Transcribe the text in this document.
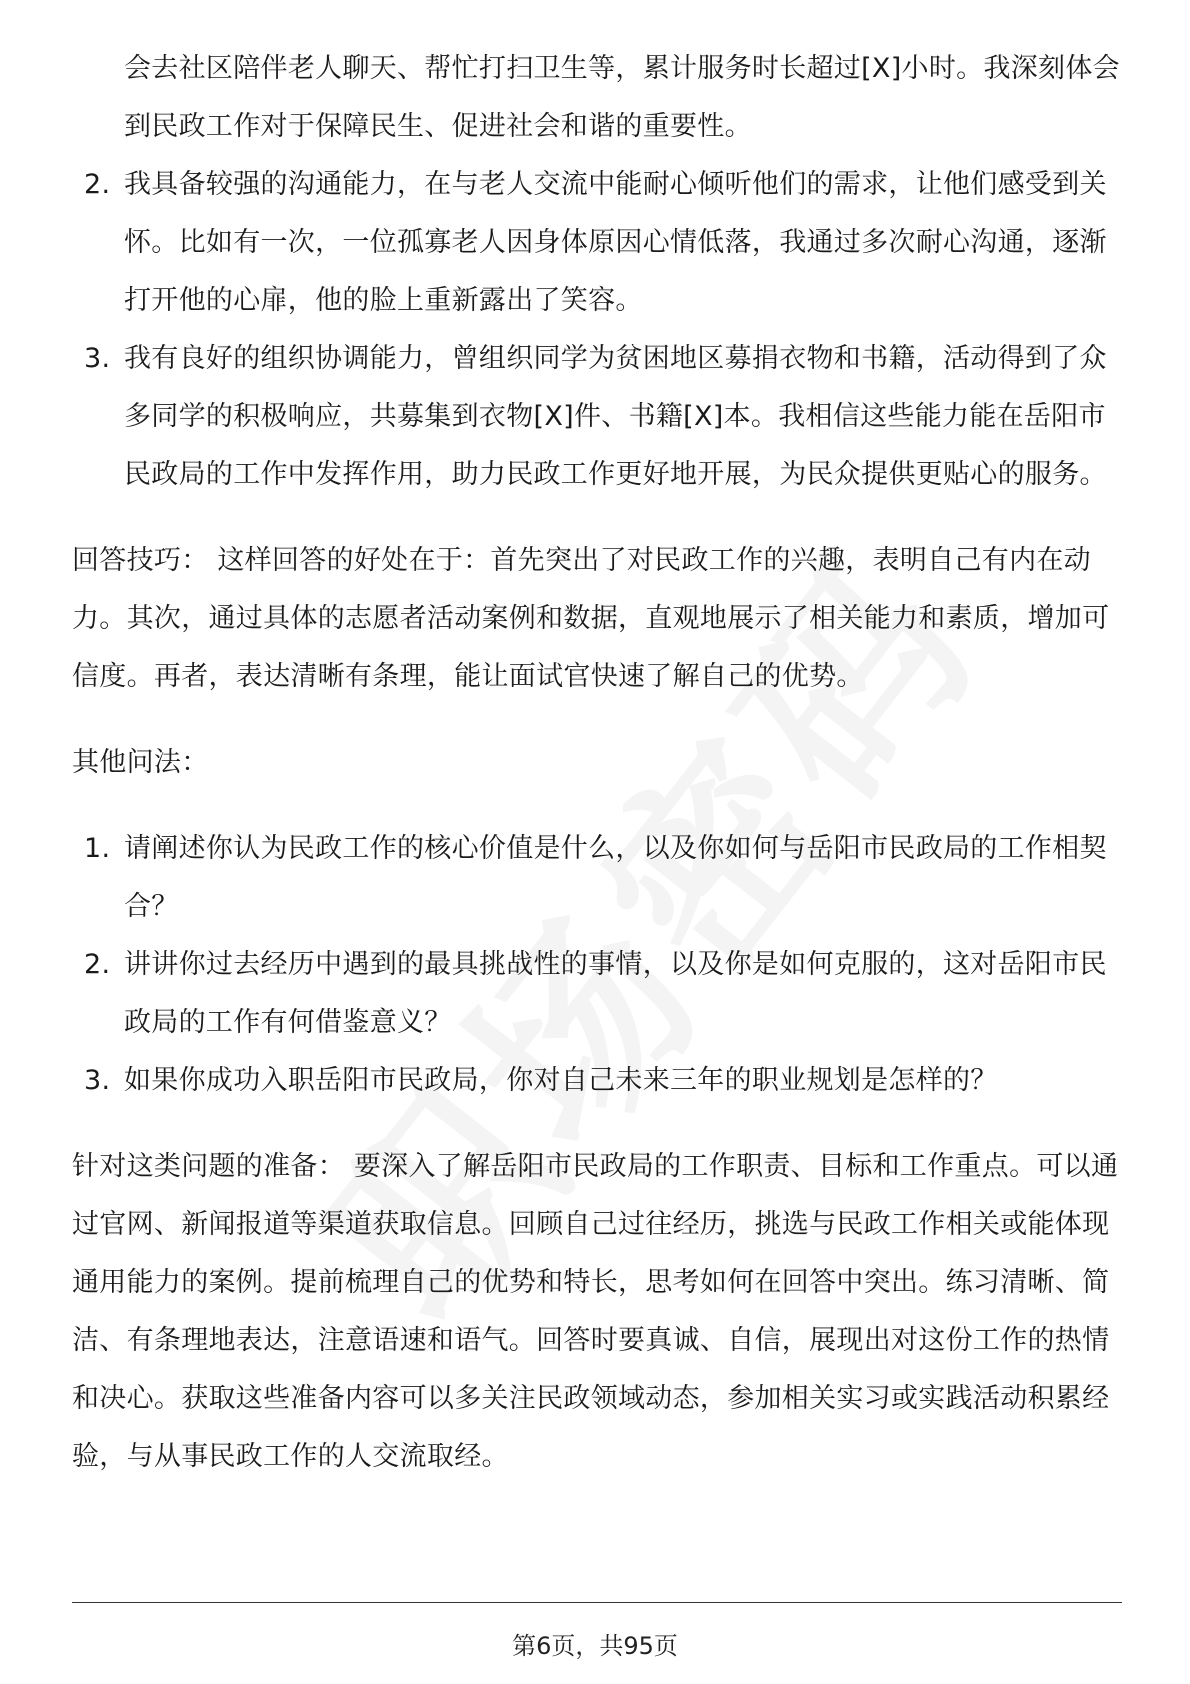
会去社区陪伴老人聊天、帮忙打扫卫生等，累计服务时长超过[X]小时。我深刻体会到民政工作对于保障民生、促进社会和谐的重要性。

2. 我具备较强的沟通能力，在与老人交流中能耐心倾听他们的需求，让他们感受到关怀。比如有一次，一位孤寡老人因身体原因心情低落，我通过多次耐心沟通，逐渐打开他的心扉，他的脸上重新露出了笑容。
3. 我有良好的组织协调能力，曾组织同学为贫困地区募捐衣物和书籍，活动得到了众多同学的积极响应，共募集到衣物[X]件、书籍[X]本。我相信这些能力能在岳阳市民政局的工作中发挥作用，助力民政工作更好地开展，为民众提供更贴心的服务。

回答技巧： 这样回答的好处在于：首先突出了对民政工作的兴趣，表明自己有内在动力。其次，通过具体的志愿者活动案例和数据，直观地展示了相关能力和素质，增加可信度。再者，表达清晰有条理，能让面试官快速了解自己的优势。

其他问法：

1. 请阐述你认为民政工作的核心价值是什么，以及你如何与岳阳市民政局的工作相契合？
2. 讲讲你过去经历中遇到的最具挑战性的事情，以及你是如何克服的，这对岳阳市民政局的工作有何借鉴意义？
3. 如果你成功入职岳阳市民政局，你对自己未来三年的职业规划是怎样的？

针对这类问题的准备： 要深入了解岳阳市民政局的工作职责、目标和工作重点。可以通过官网、新闻报道等渠道获取信息。回顾自己过往经历，挑选与民政工作相关或能体现通用能力的案例。提前梳理自己的优势和特长，思考如何在回答中突出。练习清晰、简洁、有条理地表达，注意语速和语气。回答时要真诚、自信，展现出对这份工作的热情和决心。获取这些准备内容可以多关注民政领域动态，参加相关实习或实践活动积累经验，与从事民政工作的人交流取经。

第6页，共95页
